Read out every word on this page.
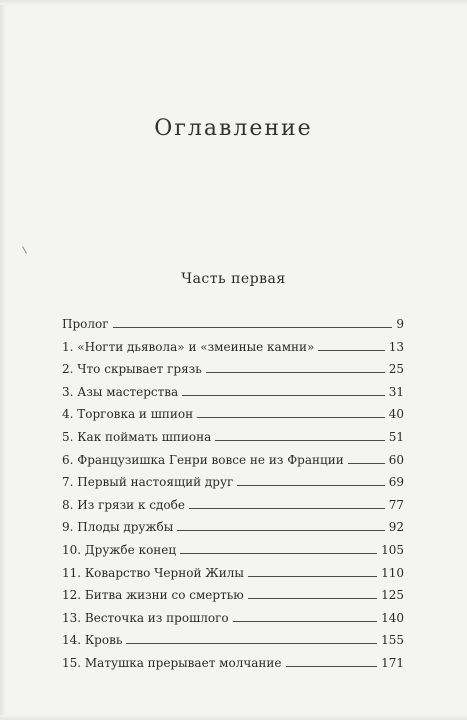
Оглавление
Часть первая
Пролог	9
1. «Ногти дьявола» и «змеиные камни»	13
2. Что скрывает грязь	25
3. Азы мастерства	31
4. Торговка и шпион	40
5. Как поймать шпиона	51
6. Французишка Генри вовсе не из Франции	60
7. Первый настоящий друг	69
8. Из грязи к сдобе	77
9. Плоды дружбы	92
10. Дружбе конец	105
11. Коварство Черной Жилы	110
12. Битва жизни со смертью	125
13. Весточка из прошлого	140
14. Кровь	155
15. Матушка прерывает молчание	171
